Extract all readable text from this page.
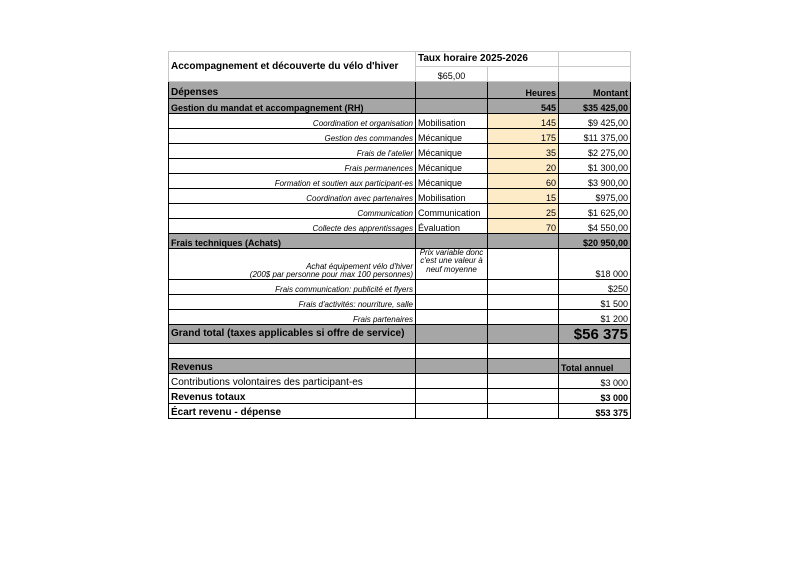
Accompagnement et découverte du vélo d'hiver	Taux horaire 2025-2026		
	$65,00		
Dépenses		Heures	Montant
Gestion du mandat et accompagnement (RH)		545	$35 425,00
Coordination et organisation	Mobilisation	145	$9 425,00
Gestion des commandes	Mécanique	175	$11 375,00
Frais de l'atelier	Mécanique	35	$2 275,00
Frais permanences	Mécanique	20	$1 300,00
Formation et soutien aux participant-es	Mécanique	60	$3 900,00
Coordination avec partenaires	Mobilisation	15	$975,00
Communication	Communication	25	$1 625,00
Collecte des apprentissages	Évaluation	70	$4 550,00
Frais techniques (Achats)			$20 950,00

Achat équipement vélo d'hiver
(200$ par personne pour max 100 personnes)	Prix variable donc c'est une valeur à neuf moyenne		$18 000
Frais communication: publicité et flyers			$250
Frais d'activités: nourriture, salle			$1 500
Frais partenaires			$1 200
Grand total (taxes applicables si offre de service)			$56 375

Revenus			Total annuel
Contributions volontaires des participant-es			$3 000
Revenus totaux			$3 000
Écart revenu - dépense			$53 375
